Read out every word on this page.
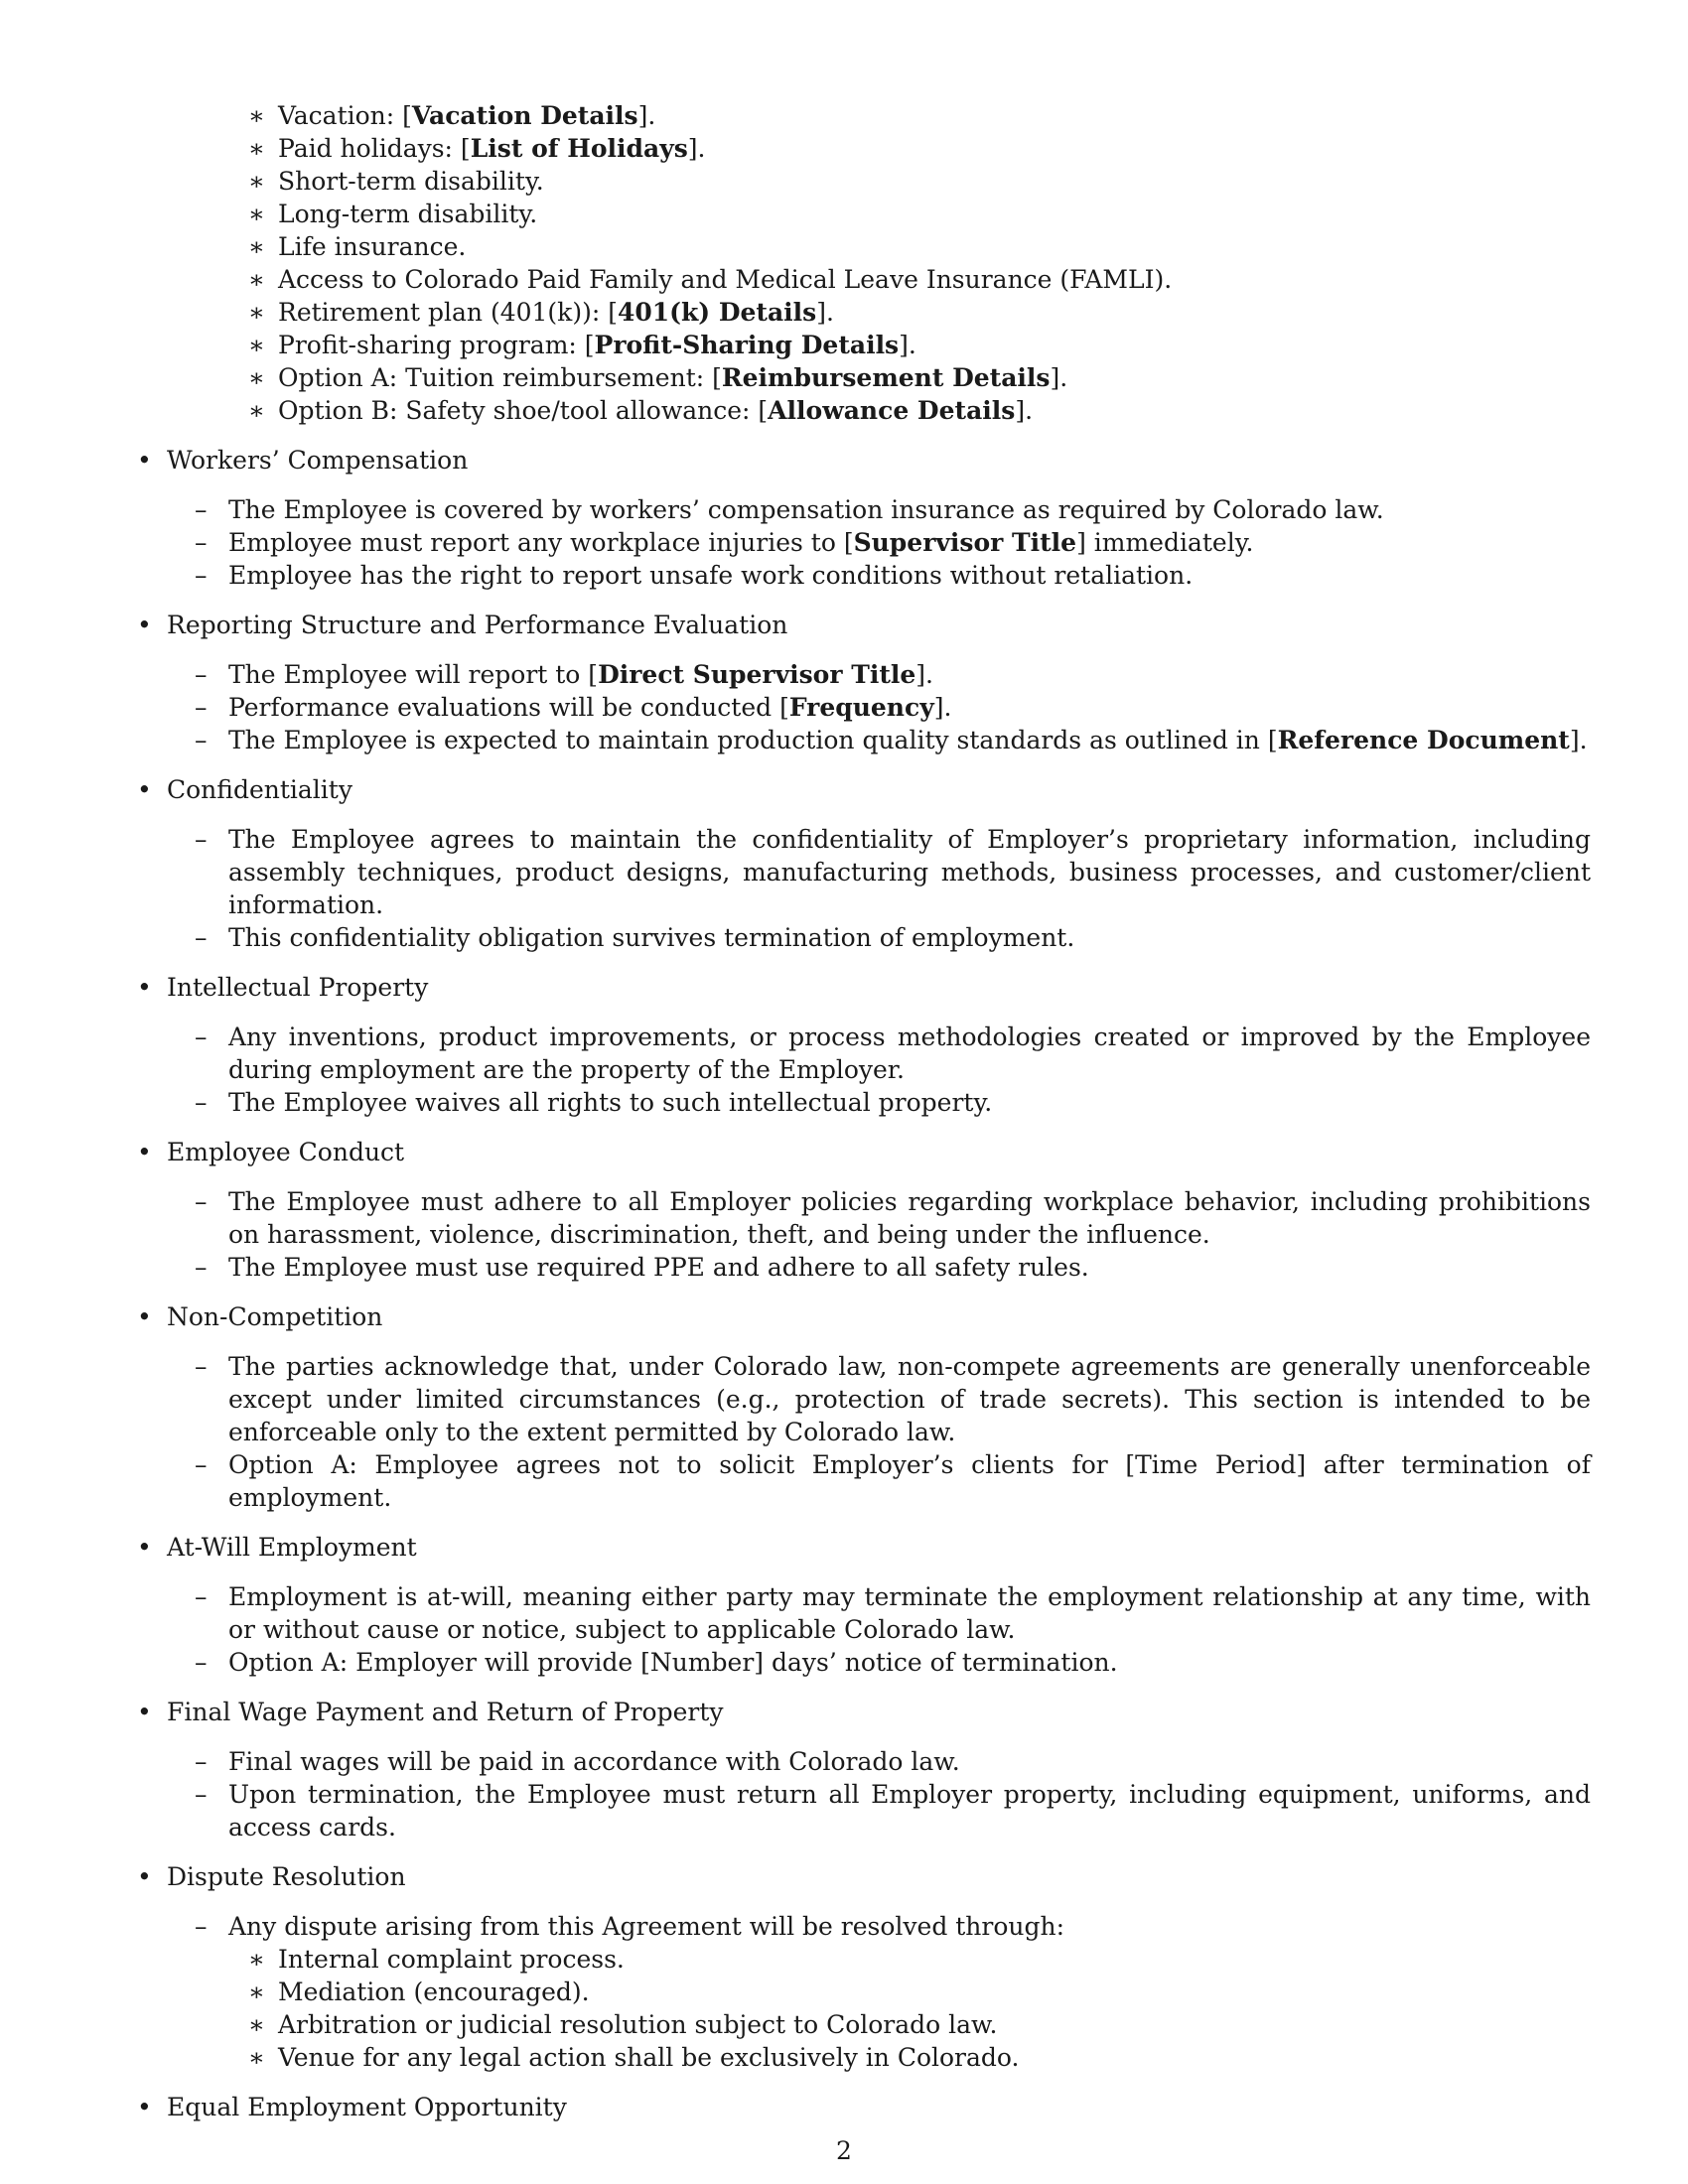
∗ Vacation: [Vacation Details].
∗ Paid holidays: [List of Holidays].
∗ Short-term disability.
∗ Long-term disability.
∗ Life insurance.
∗ Access to Colorado Paid Family and Medical Leave Insurance (FAMLI).
∗ Retirement plan (401(k)): [401(k) Details].
∗ Profit-sharing program: [Profit-Sharing Details].
∗ Option A: Tuition reimbursement: [Reimbursement Details].
∗ Option B: Safety shoe/tool allowance: [Allowance Details].
• Workers’ Compensation
– The Employee is covered by workers’ compensation insurance as required by Colorado law.
– Employee must report any workplace injuries to [Supervisor Title] immediately.
– Employee has the right to report unsafe work conditions without retaliation.
• Reporting Structure and Performance Evaluation
– The Employee will report to [Direct Supervisor Title].
– Performance evaluations will be conducted [Frequency].
– The Employee is expected to maintain production quality standards as outlined in [Reference Document].
• Confidentiality
– The Employee agrees to maintain the confidentiality of Employer’s proprietary information, including assembly techniques, product designs, manufacturing methods, business processes, and customer/client information.
– This confidentiality obligation survives termination of employment.
• Intellectual Property
– Any inventions, product improvements, or process methodologies created or improved by the Employee during employment are the property of the Employer.
– The Employee waives all rights to such intellectual property.
• Employee Conduct
– The Employee must adhere to all Employer policies regarding workplace behavior, including prohibitions on harassment, violence, discrimination, theft, and being under the influence.
– The Employee must use required PPE and adhere to all safety rules.
• Non-Competition
– The parties acknowledge that, under Colorado law, non-compete agreements are generally unenforceable except under limited circumstances (e.g., protection of trade secrets). This section is intended to be enforceable only to the extent permitted by Colorado law.
– Option A: Employee agrees not to solicit Employer’s clients for [Time Period] after termination of employment.
• At-Will Employment
– Employment is at-will, meaning either party may terminate the employment relationship at any time, with or without cause or notice, subject to applicable Colorado law.
– Option A: Employer will provide [Number] days’ notice of termination.
• Final Wage Payment and Return of Property
– Final wages will be paid in accordance with Colorado law.
– Upon termination, the Employee must return all Employer property, including equipment, uniforms, and access cards.
• Dispute Resolution
– Any dispute arising from this Agreement will be resolved through:
∗ Internal complaint process.
∗ Mediation (encouraged).
∗ Arbitration or judicial resolution subject to Colorado law.
∗ Venue for any legal action shall be exclusively in Colorado.
• Equal Employment Opportunity
2
